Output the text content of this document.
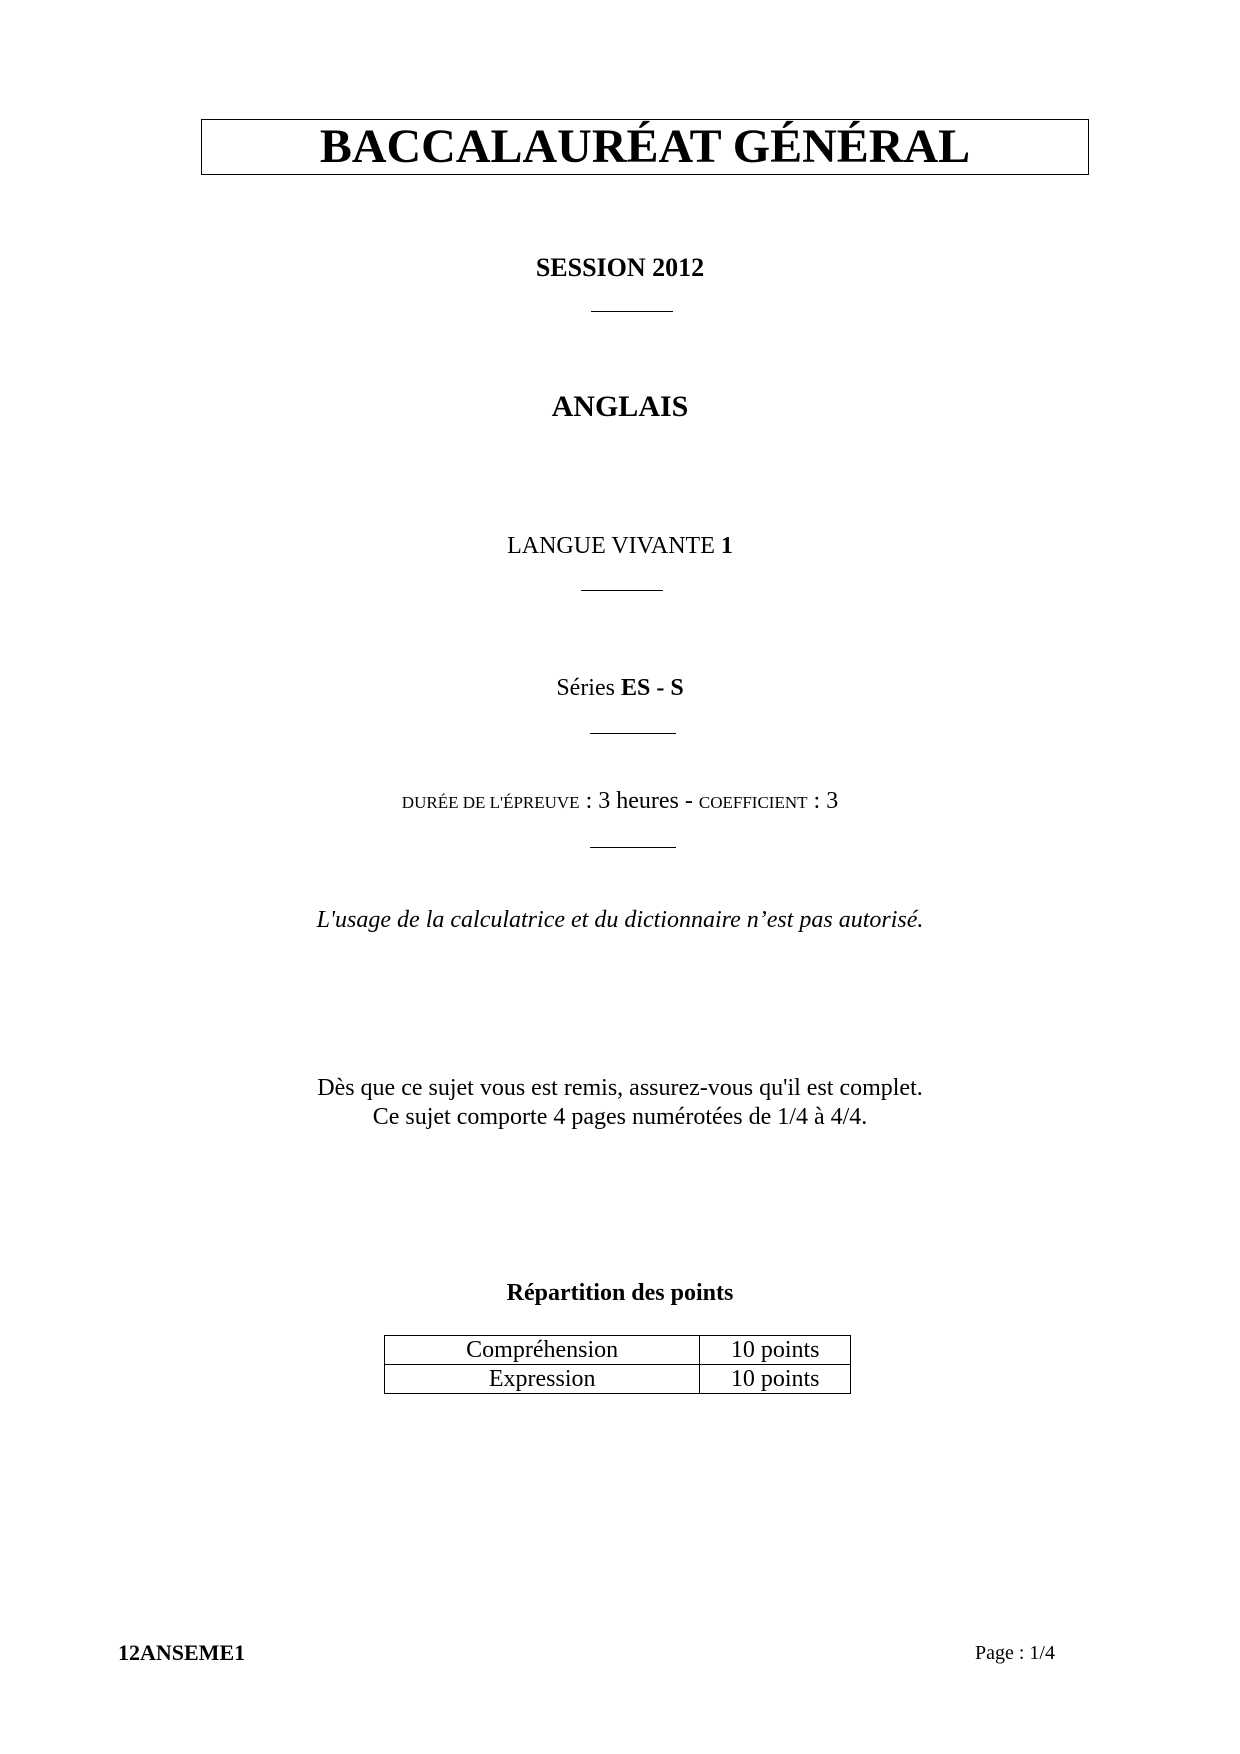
BACCALAURÉAT GÉNÉRAL
SESSION 2012
ANGLAIS
LANGUE VIVANTE 1
Séries ES - S
DURÉE DE L'ÉPREUVE : 3 heures - COEFFICIENT : 3
L'usage de la calculatrice et du dictionnaire n’est pas autorisé.
Dès que ce sujet vous est remis, assurez-vous qu'il est complet.
Ce sujet comporte 4 pages numérotées de 1/4 à 4/4.
Répartition des points
Compréhension	10 points
Expression	10 points
12ANSEME1	Page : 1/4
